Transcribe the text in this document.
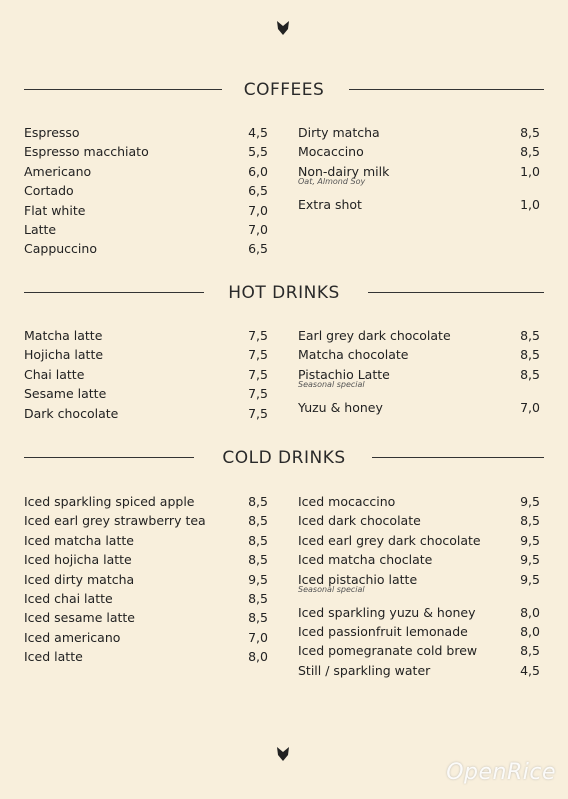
COFFEES
Espresso	4,5
Espresso macchiato	5,5
Americano	6,0
Cortado	6,5
Flat white	7,0
Latte	7,0
Cappuccino	6,5
Dirty matcha	8,5
Mocaccino	8,5
Non-dairy milk	1,0
Oat, Almond Soy
Extra shot	1,0
HOT DRINKS
Matcha latte	7,5
Hojicha latte	7,5
Chai latte	7,5
Sesame latte	7,5
Dark chocolate	7,5
Earl grey dark chocolate	8,5
Matcha chocolate	8,5
Pistachio Latte	8,5
Seasonal special
Yuzu & honey	7,0
COLD DRINKS
Iced sparkling spiced apple	8,5
Iced earl grey strawberry tea	8,5
Iced matcha latte	8,5
Iced hojicha latte	8,5
Iced dirty matcha	9,5
Iced chai latte	8,5
Iced sesame latte	8,5
Iced americano	7,0
Iced latte	8,0
Iced mocaccino	9,5
Iced dark chocolate	8,5
Iced earl grey dark chocolate	9,5
Iced matcha choclate	9,5
Iced pistachio latte	9,5
Seasonal special
Iced sparkling yuzu & honey	8,0
Iced passionfruit lemonade	8,0
Iced pomegranate cold brew	8,5
Still / sparkling water	4,5
OpenRice
